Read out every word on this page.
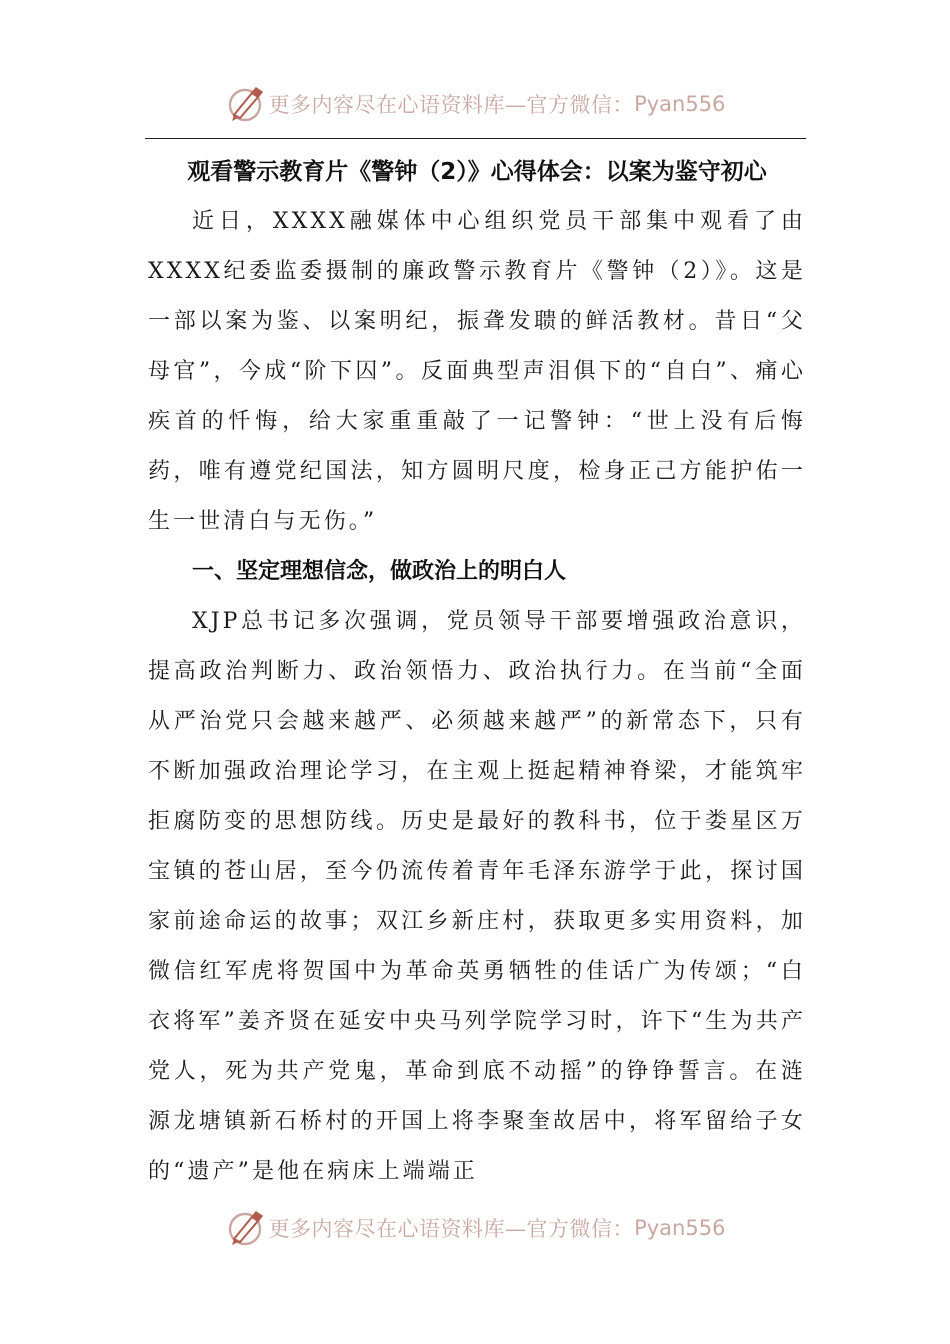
更多内容尽在心语资料库—官方微信： Pyan556
观看警示教育片《警钟（2）》心得体会：以案为鉴守初心

近日，XXXX融媒体中心组织党员干部集中观看了由XXXX纪委监委摄制的廉政警示教育片《警钟（2）》。这是一部以案为鉴、以案明纪，振聋发聩的鲜活教材。昔日“父母官”，今成“阶下囚”。反面典型声泪俱下的“自白”、痛心疾首的忏悔，给大家重重敲了一记警钟：“世上没有后悔药，唯有遵党纪国法，知方圆明尺度，检身正己方能护佑一生一世清白与无伤。”

一、坚定理想信念，做政治上的明白人

XJP总书记多次强调，党员领导干部要增强政治意识，提高政治判断力、政治领悟力、政治执行力。在当前“全面从严治党只会越来越严、必须越来越严”的新常态下，只有不断加强政治理论学习，在主观上挺起精神脊梁，才能筑牢拒腐防变的思想防线。历史是最好的教科书，位于娄星区万宝镇的苍山居，至今仍流传着青年毛泽东游学于此，探讨国家前途命运的故事；双江乡新庄村，获取更多实用资料，加微信红军虎将贺国中为革命英勇牺牲的佳话广为传颂；“白衣将军”姜齐贤在延安中央马列学院学习时，许下“生为共产党人，死为共产党鬼，革命到底不动摇”的铮铮誓言。在涟源龙塘镇新石桥村的开国上将李聚奎故居中，将军留给子女的“遗产”是他在病床上端端正

更多内容尽在心语资料库—官方微信： Pyan556
